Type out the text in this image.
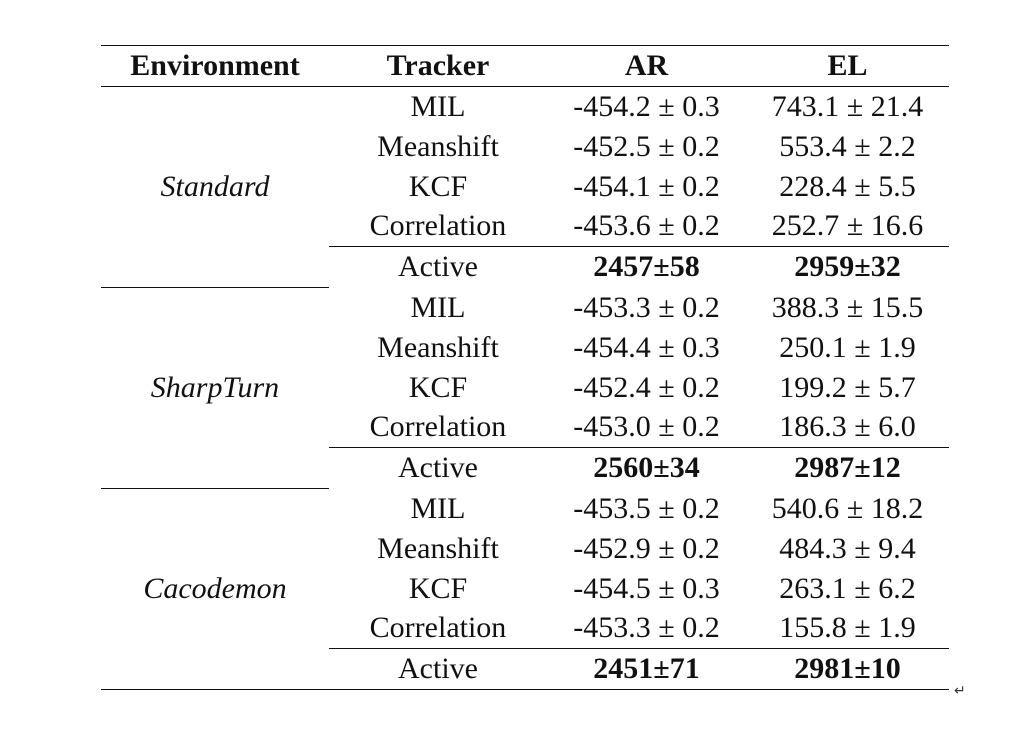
Environment	Tracker	AR	EL
Standard	MIL	-454.2 ± 0.3	743.1 ± 21.4
	Meanshift	-452.5 ± 0.2	553.4 ± 2.2
	KCF	-454.1 ± 0.2	228.4 ± 5.5
	Correlation	-453.6 ± 0.2	252.7 ± 16.6
	Active	2457±58	2959±32
SharpTurn	MIL	-453.3 ± 0.2	388.3 ± 15.5
	Meanshift	-454.4 ± 0.3	250.1 ± 1.9
	KCF	-452.4 ± 0.2	199.2 ± 5.7
	Correlation	-453.0 ± 0.2	186.3 ± 6.0
	Active	2560±34	2987±12
Cacodemon	MIL	-453.5 ± 0.2	540.6 ± 18.2
	Meanshift	-452.9 ± 0.2	484.3 ± 9.4
	KCF	-454.5 ± 0.3	263.1 ± 6.2
	Correlation	-453.3 ± 0.2	155.8 ± 1.9
	Active	2451±71	2981±10
↵
